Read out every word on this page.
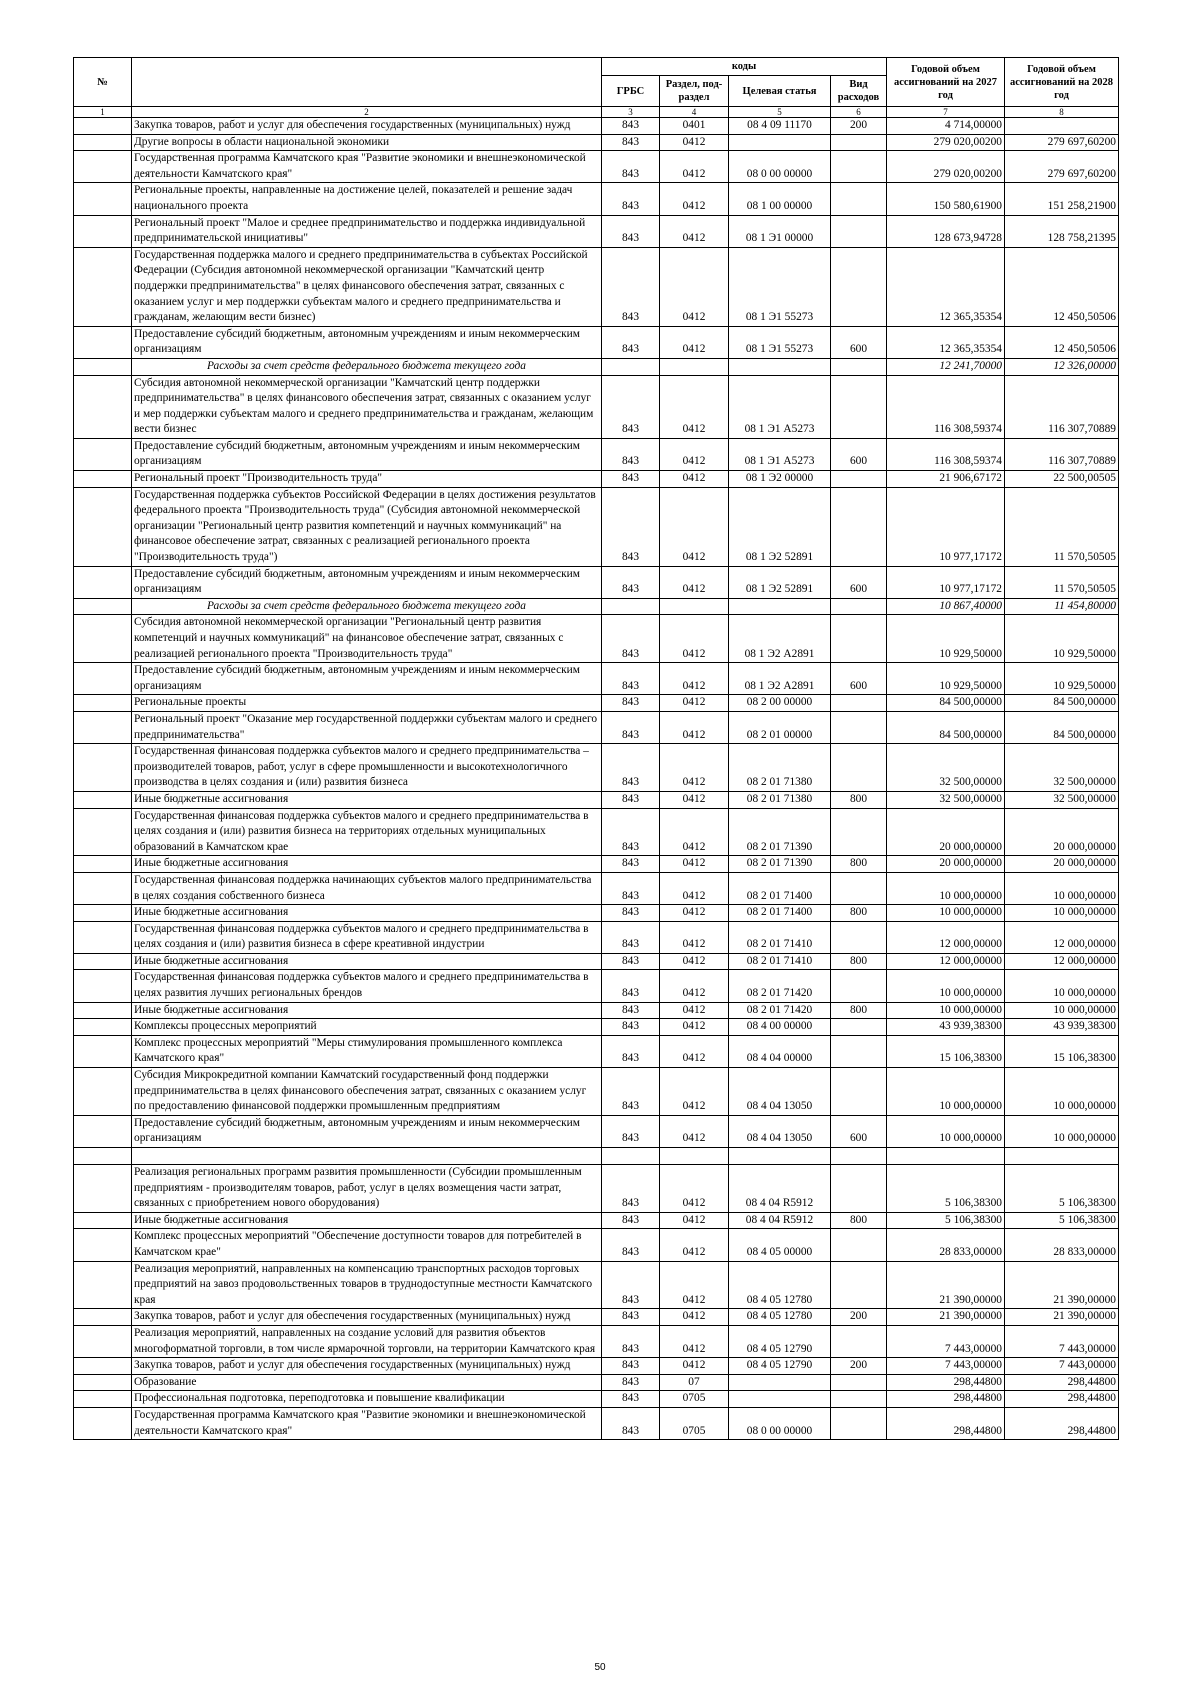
№		коды				Годовой объем ассигнований на 2027 год	Годовой объем ассигнований на 2028 год
		ГРБС	Раздел, под-раздел	Целевая статья	Вид расходов		
1	2	3	4	5	6	7	8
	Закупка товаров, работ и услуг для обеспечения государственных (муниципальных) нужд	843	0401	08 4 09 11170	200	4 714,00000	
	Другие вопросы в области национальной экономики	843	0412			279 020,00200	279 697,60200
	Государственная программа Камчатского края "Развитие экономики и внешнеэкономической деятельности Камчатского края"	843	0412	08 0 00 00000		279 020,00200	279 697,60200
	Региональные проекты, направленные на достижение целей, показателей и решение задач национального проекта	843	0412	08 1 00 00000		150 580,61900	151 258,21900
	Региональный проект "Малое и среднее предпринимательство и поддержка индивидуальной предпринимательской инициативы"	843	0412	08 1 Э1 00000		128 673,94728	128 758,21395
	Государственная поддержка малого и среднего предпринимательства в субъектах Российской Федерации (Субсидия автономной некоммерческой организации "Камчатский центр поддержки предпринимательства" в целях финансового обеспечения затрат, связанных с оказанием услуг и мер поддержки субъектам малого и среднего предпринимательства и гражданам, желающим вести бизнес)	843	0412	08 1 Э1 55273		12 365,35354	12 450,50506
	Предоставление субсидий бюджетным, автономным учреждениям и иным некоммерческим организациям	843	0412	08 1 Э1 55273	600	12 365,35354	12 450,50506
	Расходы за счет средств федерального бюджета текущего года					12 241,70000	12 326,00000
	Субсидия автономной некоммерческой организации "Камчатский центр поддержки предпринимательства" в целях финансового обеспечения затрат, связанных с оказанием услуг и мер поддержки субъектам малого и среднего предпринимательства и гражданам, желающим вести бизнес	843	0412	08 1 Э1 А5273		116 308,59374	116 307,70889
	Предоставление субсидий бюджетным, автономным учреждениям и иным некоммерческим организациям	843	0412	08 1 Э1 А5273	600	116 308,59374	116 307,70889
	Региональный проект "Производительность труда"	843	0412	08 1 Э2 00000		21 906,67172	22 500,00505
	Государственная поддержка субъектов Российской Федерации в целях достижения результатов федерального проекта "Производительность труда" (Субсидия автономной некоммерческой организации "Региональный центр развития компетенций и научных коммуникаций" на финансовое обеспечение затрат, связанных с реализацией регионального проекта "Производительность труда")	843	0412	08 1 Э2 52891		10 977,17172	11 570,50505
	Предоставление субсидий бюджетным, автономным учреждениям и иным некоммерческим организациям	843	0412	08 1 Э2 52891	600	10 977,17172	11 570,50505
	Расходы за счет средств федерального бюджета текущего года					10 867,40000	11 454,80000
	Субсидия автономной некоммерческой организации "Региональный центр развития компетенций и научных коммуникаций" на финансовое обеспечение затрат, связанных с реализацией регионального проекта "Производительность труда"	843	0412	08 1 Э2 А2891		10 929,50000	10 929,50000
	Предоставление субсидий бюджетным, автономным учреждениям и иным некоммерческим организациям	843	0412	08 1 Э2 А2891	600	10 929,50000	10 929,50000
	Региональные проекты	843	0412	08 2 00 00000		84 500,00000	84 500,00000
	Региональный проект "Оказание мер государственной поддержки субъектам малого и среднего предпринимательства"	843	0412	08 2 01 00000		84 500,00000	84 500,00000
	Государственная финансовая поддержка субъектов малого и среднего предпринимательства – производителей товаров, работ, услуг в сфере промышленности и высокотехнологичного производства в целях создания и (или) развития бизнеса	843	0412	08 2 01 71380		32 500,00000	32 500,00000
	Иные бюджетные ассигнования	843	0412	08 2 01 71380	800	32 500,00000	32 500,00000
	Государственная финансовая поддержка субъектов малого и среднего предпринимательства в целях создания и (или) развития бизнеса на территориях отдельных муниципальных образований в Камчатском крае	843	0412	08 2 01 71390		20 000,00000	20 000,00000
	Иные бюджетные ассигнования	843	0412	08 2 01 71390	800	20 000,00000	20 000,00000
	Государственная финансовая поддержка начинающих субъектов малого предпринимательства в целях создания собственного бизнеса	843	0412	08 2 01 71400		10 000,00000	10 000,00000
	Иные бюджетные ассигнования	843	0412	08 2 01 71400	800	10 000,00000	10 000,00000
	Государственная финансовая поддержка субъектов малого и среднего предпринимательства в целях создания и (или) развития бизнеса в сфере креативной индустрии	843	0412	08 2 01 71410		12 000,00000	12 000,00000
	Иные бюджетные ассигнования	843	0412	08 2 01 71410	800	12 000,00000	12 000,00000
	Государственная финансовая поддержка субъектов малого и среднего предпринимательства в целях развития лучших региональных брендов	843	0412	08 2 01 71420		10 000,00000	10 000,00000
	Иные бюджетные ассигнования	843	0412	08 2 01 71420	800	10 000,00000	10 000,00000
	Комплексы процессных мероприятий	843	0412	08 4 00 00000		43 939,38300	43 939,38300
	Комплекс процессных мероприятий "Меры стимулирования промышленного комплекса Камчатского края"	843	0412	08 4 04 00000		15 106,38300	15 106,38300
	Субсидия Микрокредитной компании Камчатский государственный фонд поддержки предпринимательства в целях финансового обеспечения затрат, связанных с оказанием услуг по предоставлению финансовой поддержки промышленным предприятиям	843	0412	08 4 04 13050		10 000,00000	10 000,00000
	Предоставление субсидий бюджетным, автономным учреждениям и иным некоммерческим организациям	843	0412	08 4 04 13050	600	10 000,00000	10 000,00000

	Реализация региональных программ развития промышленности (Субсидии промышленным предприятиям - производителям товаров, работ, услуг в целях возмещения части затрат, связанных с приобретением нового оборудования)	843	0412	08 4 04 R5912		5 106,38300	5 106,38300
	Иные бюджетные ассигнования	843	0412	08 4 04 R5912	800	5 106,38300	5 106,38300
	Комплекс процессных мероприятий "Обеспечение доступности товаров для потребителей в Камчатском крае"	843	0412	08 4 05 00000		28 833,00000	28 833,00000
	Реализация мероприятий, направленных на компенсацию транспортных расходов торговых предприятий на завоз продовольственных товаров в труднодоступные местности Камчатского края	843	0412	08 4 05 12780		21 390,00000	21 390,00000
	Закупка товаров, работ и услуг для обеспечения государственных (муниципальных) нужд	843	0412	08 4 05 12780	200	21 390,00000	21 390,00000
	Реализация мероприятий, направленных на создание условий для развития объектов многоформатной торговли, в том числе ярмарочной торговли, на территории Камчатского края	843	0412	08 4 05 12790		7 443,00000	7 443,00000
	Закупка товаров, работ и услуг для обеспечения государственных (муниципальных) нужд	843	0412	08 4 05 12790	200	7 443,00000	7 443,00000
	Образование	843	07			298,44800	298,44800
	Профессиональная подготовка, переподготовка и повышение квалификации	843	0705			298,44800	298,44800
	Государственная программа Камчатского края "Развитие экономики и внешнеэкономической деятельности Камчатского края"	843	0705	08 0 00 00000		298,44800	298,44800
50
